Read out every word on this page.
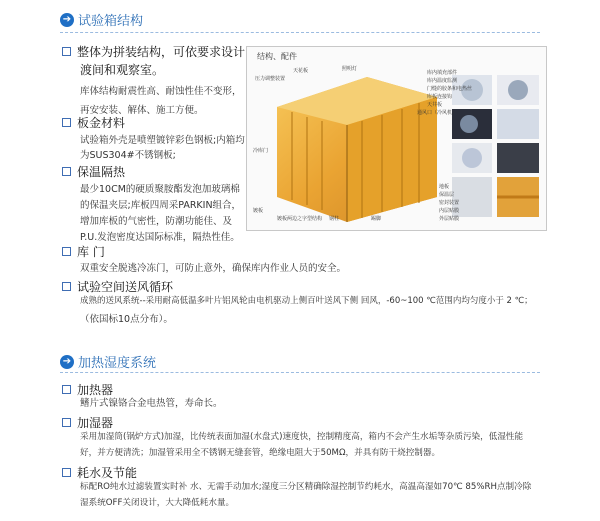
➔ 试验箱结构
整体为拼装结构，可依要求设计
渡间和观察室。
库体结构耐震性高、耐蚀性佳不变形，
再安安装、解体、施工方便。
板金材料
试验箱外壳是喷塑镀锌彩色钢板;内箱均
为SUS304#不锈钢板;
保温隔热
最少10CM的硬质聚胺酯发泡加玻璃棉
的保温夹层;库板四周采PARKIN组合，
增加库板的气密性，防潮功能佳、及
P.U.发泡密度达国际标准，隔热性佳。
库 门
双重安全脱逃冷冻门，可防止意外，确保库内作业人员的安全。
试验空间送风循环
成熟的送风系统--采用耐高低温多叶片铝风轮由电机驱动上侧百叶送风下侧 回风，-60~100 ℃范围内均匀度小于 2 ℃；
（依国标10点分布）。
结构、配件
压力调整装置
冷库门
镀板
天花板	照明灯
镀板两边之字型结构 钢柱	踢脚
库内填充部件
库内温度监测
门缝的胶条和电热丝
库板连接钩
天井板
通风口（冷风机）
地板
保温层
密封装置
内层贴膜
外层贴膜
➔ 加热湿度系统
加热器
鳍片式镍铬合金电热管，寿命长。
加湿器
采用加湿筒(锅炉方式)加湿，比传统表面加湿(水盘式)速度快，控制精度高，箱内不会产生水垢等杂质污染，低湿性能
好，并方便清洗；加湿管采用全不锈钢无缝套管，绝缘电阻大于50MΩ，并具有防干烧控制器。
耗水及节能
标配RO纯水过滤装置实时补 水、无需手动加水;湿度三分区精确除湿控制节约耗水，高温高湿如70℃ 85%RH点制冷除
湿系统OFF关闭设计，大大降低耗水量。
